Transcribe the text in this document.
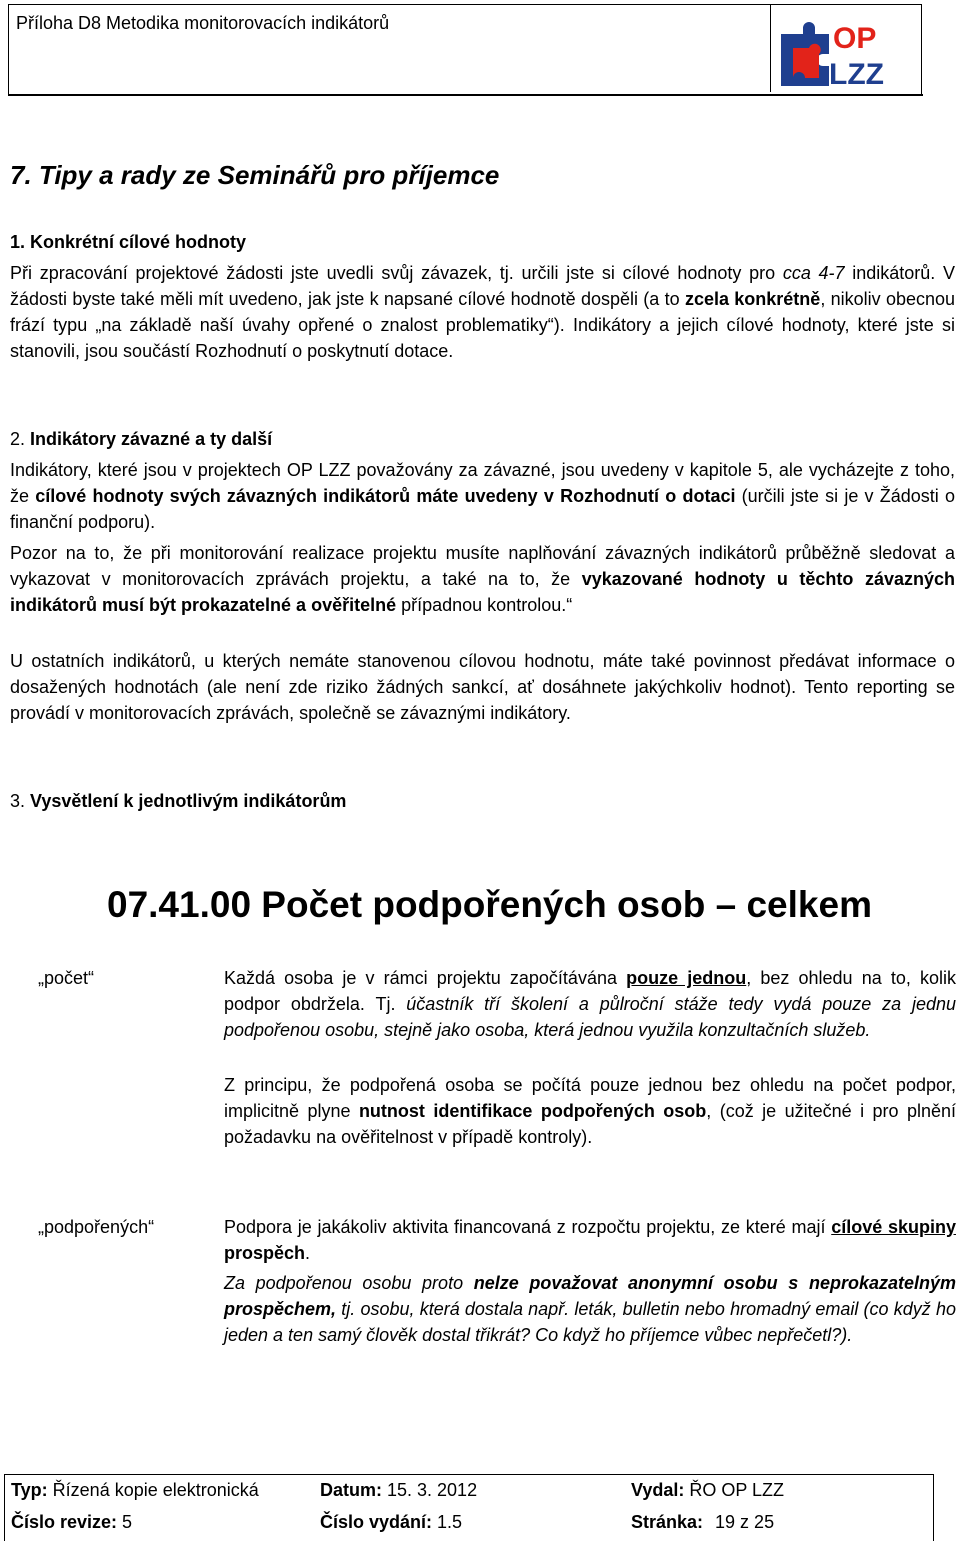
Příloha D8 Metodika monitorovacích indikátorů	OP
LZZ
7. Tipy a rady ze Seminářů pro příjemce
1. Konkrétní cílové hodnoty
Při zpracování projektové žádosti jste uvedli svůj závazek, tj. určili jste si cílové hodnoty pro cca 4-7 indikátorů. V žádosti byste také měli mít uvedeno, jak jste k napsané cílové hodnotě dospěli (a to zcela konkrétně, nikoliv obecnou frází typu „na základě naší úvahy opřené o znalost problematiky“). Indikátory a jejich cílové hodnoty, které jste si stanovili, jsou součástí Rozhodnutí o poskytnutí dotace.
2. Indikátory závazné a ty další
Indikátory, které jsou v projektech OP LZZ považovány za závazné, jsou uvedeny v kapitole 5, ale vycházejte z toho, že cílové hodnoty svých závazných indikátorů máte uvedeny v Rozhodnutí o dotaci (určili jste si je v Žádosti o finanční podporu).
Pozor na to, že při monitorování realizace projektu musíte naplňování závazných indikátorů průběžně sledovat a vykazovat v monitorovacích zprávách projektu, a také na to, že vykazované hodnoty u těchto závazných indikátorů musí být prokazatelné a ověřitelné případnou kontrolou.“
U ostatních indikátorů, u kterých nemáte stanovenou cílovou hodnotu, máte také povinnost předávat informace o dosažených hodnotách (ale není zde riziko žádných sankcí, ať dosáhnete jakýchkoliv hodnot). Tento reporting se provádí v monitorovacích zprávách, společně se závaznými indikátory.
3. Vysvětlení k jednotlivým indikátorům
07.41.00 Počet podpořených osob – celkem
„počet“	Každá osoba je v rámci projektu započítávána pouze jednou, bez ohledu na to, kolik podpor obdržela. Tj. účastník tří školení a půlroční stáže tedy vydá pouze za jednu podpořenou osobu, stejně jako osoba, která jednou využila konzultačních služeb.
Z principu, že podpořená osoba se počítá pouze jednou bez ohledu na počet podpor, implicitně plyne nutnost identifikace podpořených osob, (což je užitečné i pro plnění požadavku na ověřitelnost v případě kontroly).
„podpořených“	Podpora je jakákoliv aktivita financovaná z rozpočtu projektu, ze které mají cílové skupiny prospěch.
Za podpořenou osobu proto nelze považovat anonymní osobu s neprokazatelným prospěchem, tj. osobu, která dostala např. leták, bulletin nebo hromadný email (co když ho jeden a ten samý člověk dostal třikrát? Co když ho příjemce vůbec nepřečetl?).
Typ: Řízená kopie elektronická	Datum: 15. 3. 2012	Vydal: ŘO OP LZZ
Číslo revize: 5	Číslo vydání: 1.5	Stránka: 19 z 25
